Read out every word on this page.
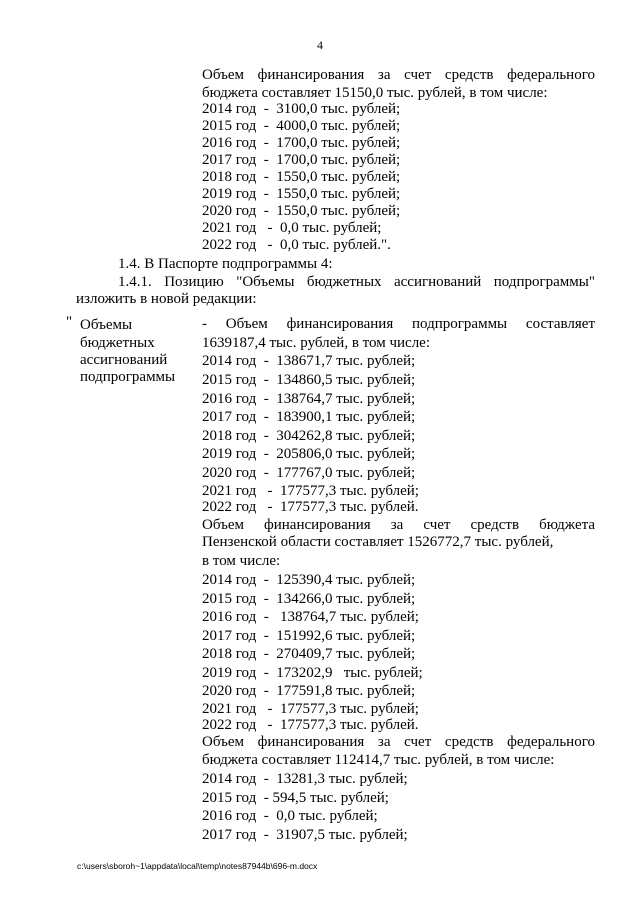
4
Объем финансирования за счет средств федерального
бюджета составляет 15150,0 тыс. рублей, в том числе:
2014 год  -  3100,0 тыс. рублей;
2015 год  -  4000,0 тыс. рублей;
2016 год  -  1700,0 тыс. рублей;
2017 год  -  1700,0 тыс. рублей;
2018 год  -  1550,0 тыс. рублей;
2019 год  -  1550,0 тыс. рублей;
2020 год  -  1550,0 тыс. рублей;
2021 год   -  0,0 тыс. рублей;
2022 год   -  0,0 тыс. рублей.".
1.4. В Паспорте подпрограммы 4:
1.4.1. Позицию "Объемы бюджетных ассигнований подпрограммы"
изложить в новой редакции:
" Объемы
бюджетных
ассигнований
подпрограммы
- Объем финансирования подпрограммы составляет
1639187,4 тыс. рублей, в том числе:
2014 год  -  138671,7 тыс. рублей;
2015 год  -  134860,5 тыс. рублей;
2016 год  -  138764,7 тыс. рублей;
2017 год  -  183900,1 тыс. рублей;
2018 год  -  304262,8 тыс. рублей;
2019 год  -  205806,0 тыс. рублей;
2020 год  -  177767,0 тыс. рублей;
2021 год   -  177577,3 тыс. рублей;
2022 год   -  177577,3 тыс. рублей.
Объем финансирования за счет средств бюджета
Пензенской области составляет 1526772,7 тыс. рублей,
в том числе:
2014 год  -  125390,4 тыс. рублей;
2015 год  -  134266,0 тыс. рублей;
2016 год  -   138764,7 тыс. рублей;
2017 год  -  151992,6 тыс. рублей;
2018 год  -  270409,7 тыс. рублей;
2019 год  -  173202,9   тыс. рублей;
2020 год  -  177591,8 тыс. рублей;
2021 год   -  177577,3 тыс. рублей;
2022 год   -  177577,3 тыс. рублей.
Объем финансирования за счет средств федерального
бюджета составляет 112414,7 тыс. рублей, в том числе:
2014 год  -  13281,3 тыс. рублей;
2015 год  - 594,5 тыс. рублей;
2016 год  -  0,0 тыс. рублей;
2017 год  -  31907,5 тыс. рублей;
c:\users\sboroh~1\appdata\local\temp\notes87944b\696-m.docx
